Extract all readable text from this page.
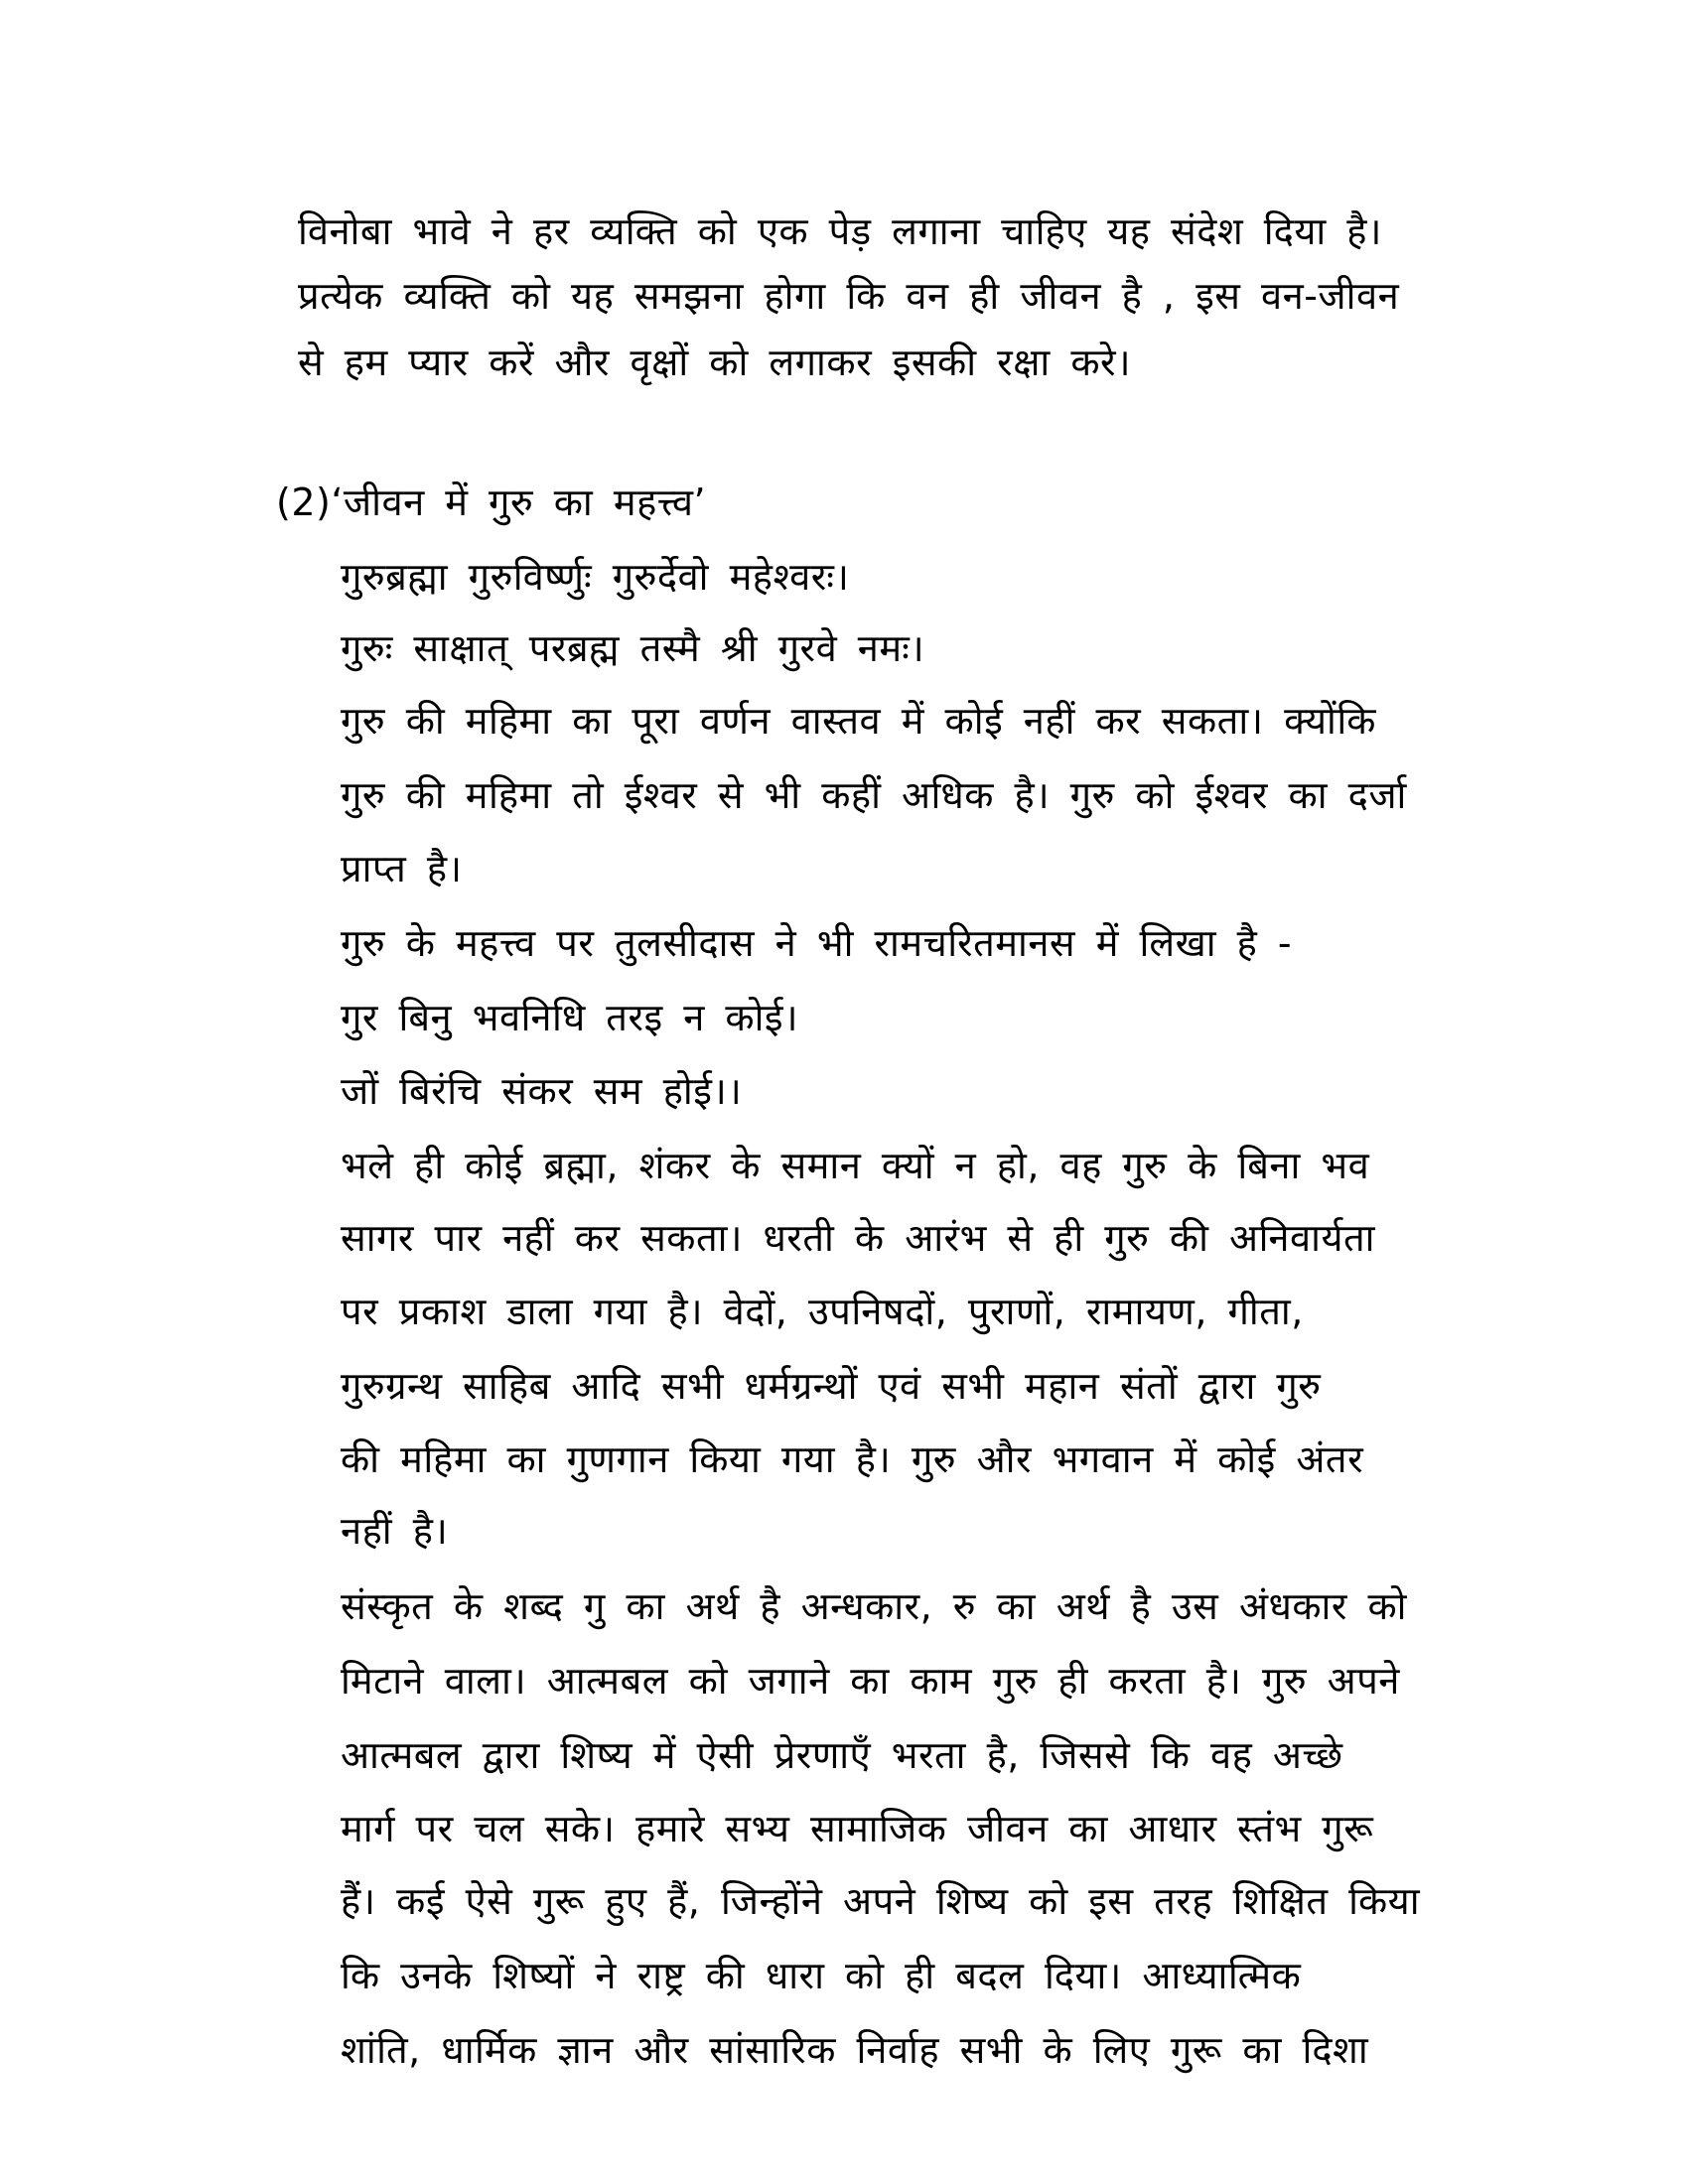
विनोबा भावे ने हर व्यक्ति को एक पेड़ लगाना चाहिए यह संदेश दिया है।
प्रत्येक व्यक्ति को यह समझना होगा कि वन ही जीवन है , इस वन-जीवन
से हम प्यार करें और वृक्षों को लगाकर इसकी रक्षा करे।
(2)‘जीवन में गुरु का महत्त्व’
गुरुब्रह्मा गुरुविर्ष्णुः गुरुर्देवो महेश्वरः।
गुरुः साक्षात् परब्रह्म तस्मै श्री गुरवे नमः।
गुरु की महिमा का पूरा वर्णन वास्तव में कोई नहीं कर सकता। क्योंकि
गुरु की महिमा तो ईश्वर से भी कहीं अधिक है। गुरु को ईश्वर का दर्जा
प्राप्त है।
गुरु के महत्त्व पर तुलसीदास ने भी रामचरितमानस में लिखा है -
गुर बिनु भवनिधि तरइ न कोई।
जों बिरंचि संकर सम होई।।
भले ही कोई ब्रह्मा, शंकर के समान क्यों न हो, वह गुरु के बिना भव
सागर पार नहीं कर सकता। धरती के आरंभ से ही गुरु की अनिवार्यता
पर प्रकाश डाला गया है। वेदों, उपनिषदों, पुराणों, रामायण, गीता,
गुरुग्रन्थ साहिब आदि सभी धर्मग्रन्थों एवं सभी महान संतों द्वारा गुरु
की महिमा का गुणगान किया गया है। गुरु और भगवान में कोई अंतर
नहीं है।
संस्कृत के शब्द गु का अर्थ है अन्धकार, रु का अर्थ है उस अंधकार को
मिटाने वाला। आत्मबल को जगाने का काम गुरु ही करता है। गुरु अपने
आत्मबल द्वारा शिष्य में ऐसी प्रेरणाएँ भरता है, जिससे कि वह अच्छे
मार्ग पर चल सके। हमारे सभ्य सामाजिक जीवन का आधार स्तंभ गुरू
हैं। कई ऐसे गुरू हुए हैं, जिन्होंने अपने शिष्य को इस तरह शिक्षित किया
कि उनके शिष्यों ने राष्ट्र की धारा को ही बदल दिया। आध्यात्मिक
शांति, धार्मिक ज्ञान और सांसारिक निर्वाह सभी के लिए गुरू का दिशा
